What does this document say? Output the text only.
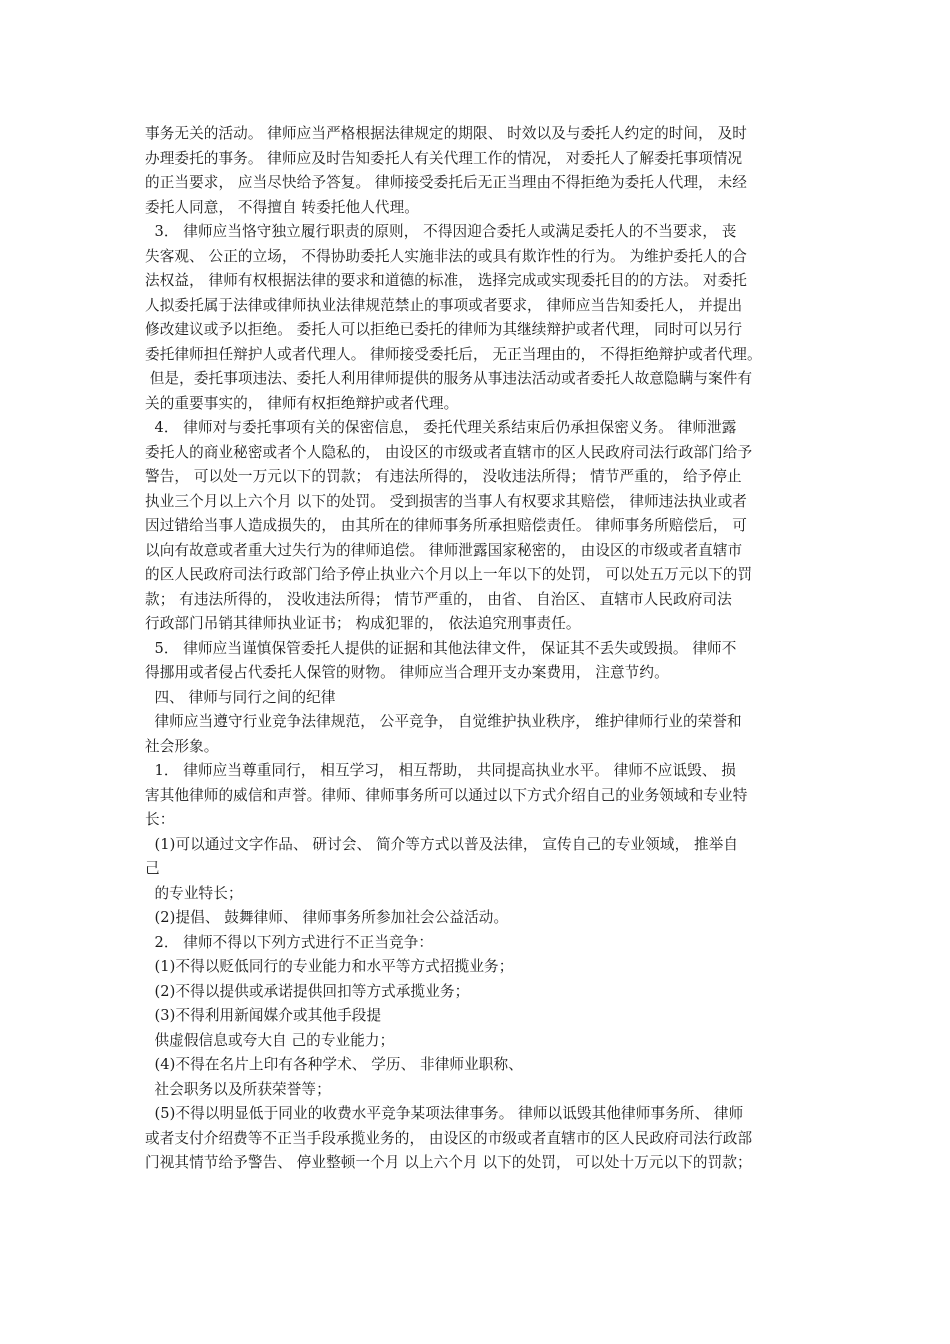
事务无关的活动。 律师应当严格根据法律规定的期限、 时效以及与委托人约定的时间， 及时
办理委托的事务。 律师应及时告知委托人有关代理工作的情况， 对委托人了解委托事项情况
的正当要求， 应当尽快给予答复。 律师接受委托后无正当理由不得拒绝为委托人代理， 未经
委托人同意， 不得擅自 转委托他人代理。
3． 律师应当恪守独立履行职责的原则， 不得因迎合委托人或满足委托人的不当要求， 丧
失客观、 公正的立场， 不得协助委托人实施非法的或具有欺诈性的行为。 为维护委托人的合
法权益， 律师有权根据法律的要求和道德的标准， 选择完成或实现委托目的的方法。 对委托
人拟委托属于法律或律师执业法律规范禁止的事项或者要求， 律师应当告知委托人， 并提出
修改建议或予以拒绝。 委托人可以拒绝已委托的律师为其继续辩护或者代理， 同时可以另行
委托律师担任辩护人或者代理人。 律师接受委托后， 无正当理由的， 不得拒绝辩护或者代理。
但是，委托事项违法、委托人利用律师提供的服务从事违法活动或者委托人故意隐瞒与案件有
关的重要事实的， 律师有权拒绝辩护或者代理。
4． 律师对与委托事项有关的保密信息， 委托代理关系结束后仍承担保密义务。 律师泄露
委托人的商业秘密或者个人隐私的， 由设区的市级或者直辖市的区人民政府司法行政部门给予
警告， 可以处一万元以下的罚款； 有违法所得的， 没收违法所得； 情节严重的， 给予停止
执业三个月以上六个月 以下的处罚。 受到损害的当事人有权要求其赔偿， 律师违法执业或者
因过错给当事人造成损失的， 由其所在的律师事务所承担赔偿责任。 律师事务所赔偿后， 可
以向有故意或者重大过失行为的律师追偿。 律师泄露国家秘密的， 由设区的市级或者直辖市
的区人民政府司法行政部门给予停止执业六个月以上一年以下的处罚， 可以处五万元以下的罚
款； 有违法所得的， 没收违法所得； 情节严重的， 由省、 自治区、 直辖市人民政府司法
行政部门吊销其律师执业证书； 构成犯罪的， 依法追究刑事责任。
5． 律师应当谨慎保管委托人提供的证据和其他法律文件， 保证其不丢失或毁损。 律师不
得挪用或者侵占代委托人保管的财物。 律师应当合理开支办案费用， 注意节约。
四、 律师与同行之间的纪律
律师应当遵守行业竞争法律规范， 公平竞争， 自觉维护执业秩序， 维护律师行业的荣誉和
社会形象。
1． 律师应当尊重同行， 相互学习， 相互帮助， 共同提高执业水平。 律师不应诋毁、 损
害其他律师的威信和声誉。律师、律师事务所可以通过以下方式介绍自己的业务领域和专业特
长：
(1)可以通过文字作品、 研讨会、 简介等方式以普及法律， 宣传自己的专业领域， 推举自
己
的专业特长；
(2)提倡、 鼓舞律师、 律师事务所参加社会公益活动。
2． 律师不得以下列方式进行不正当竞争：
(1)不得以贬低同行的专业能力和水平等方式招揽业务；
(2)不得以提供或承诺提供回扣等方式承揽业务；
(3)不得利用新闻媒介或其他手段提
供虚假信息或夸大自 己的专业能力；
(4)不得在名片上印有各种学术、 学历、 非律师业职称、
社会职务以及所获荣誉等；
(5)不得以明显低于同业的收费水平竞争某项法律事务。 律师以诋毁其他律师事务所、 律师
或者支付介绍费等不正当手段承揽业务的， 由设区的市级或者直辖市的区人民政府司法行政部
门视其情节给予警告、 停业整顿一个月 以上六个月 以下的处罚， 可以处十万元以下的罚款；
